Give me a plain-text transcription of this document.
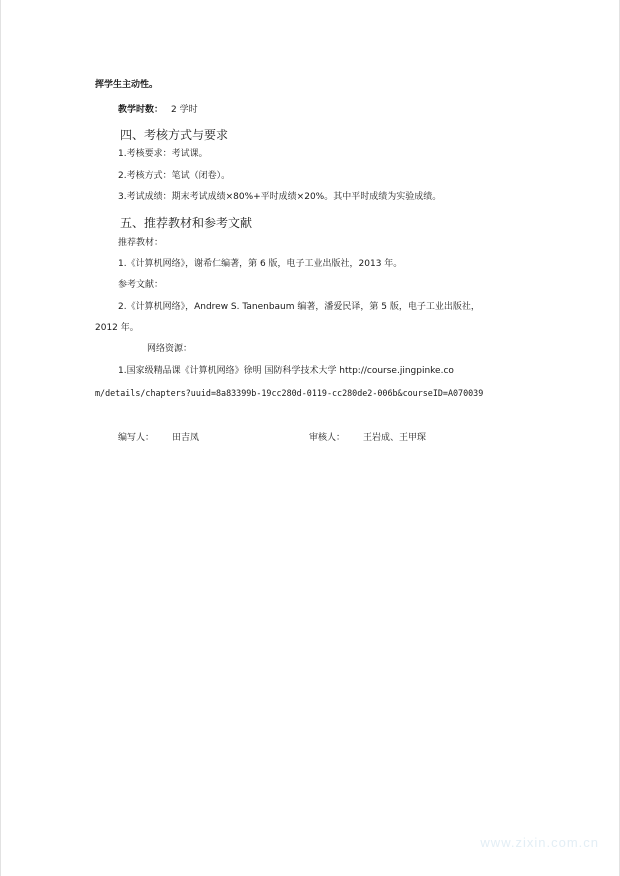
挥学生主动性。
教学时数： 2 学时
四、考核方式与要求
1.考核要求：考试课。
2.考核方式：笔试（闭卷）。
3.考试成绩：期末考试成绩×80%+平时成绩×20%。其中平时成绩为实验成绩。
五、推荐教材和参考文献
推荐教材：
1.《计算机网络》，谢希仁编著，第 6 版，电子工业出版社，2013 年。
参考文献：
2.《计算机网络》，Andrew S. Tanenbaum 编著，潘爱民译，第 5 版，电子工业出版社，
2012 年。
网络资源：
1.国家级精品课《计算机网络》徐明 国防科学技术大学 http://course.jingpinke.co
m/details/chapters?uuid=8a83399b-19cc280d-0119-cc280de2-006b&courseID=A070039
编写人： 田吉凤	审核人： 王岩成、王甲琛
www.zixin.com.cn
